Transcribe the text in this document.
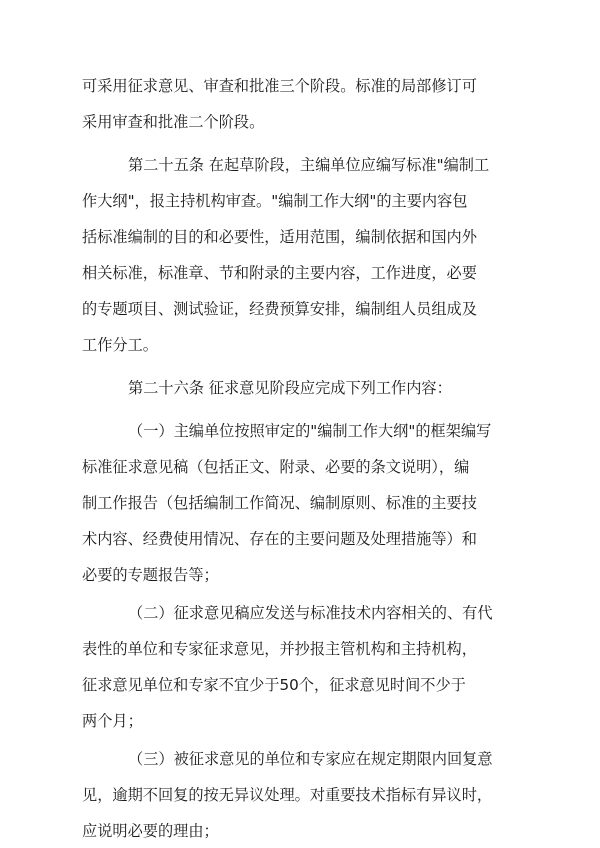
可采用征求意见、审查和批准三个阶段。标准的局部修订可
采用审查和批准二个阶段。
第二十五条 在起草阶段，主编单位应编写标准"编制工
作大纲"，报主持机构审查。"编制工作大纲"的主要内容包
括标准编制的目的和必要性，适用范围，编制依据和国内外
相关标准，标准章、节和附录的主要内容，工作进度，必要
的专题项目、测试验证，经费预算安排，编制组人员组成及
工作分工。
第二十六条 征求意见阶段应完成下列工作内容：
（一）主编单位按照审定的"编制工作大纲"的框架编写
标准征求意见稿（包括正文、附录、必要的条文说明），编
制工作报告（包括编制工作简况、编制原则、标准的主要技
术内容、经费使用情况、存在的主要问题及处理措施等）和
必要的专题报告等；
（二）征求意见稿应发送与标准技术内容相关的、有代
表性的单位和专家征求意见，并抄报主管机构和主持机构，
征求意见单位和专家不宜少于50个，征求意见时间不少于
两个月；
（三）被征求意见的单位和专家应在规定期限内回复意
见，逾期不回复的按无异议处理。对重要技术指标有异议时，
应说明必要的理由；
